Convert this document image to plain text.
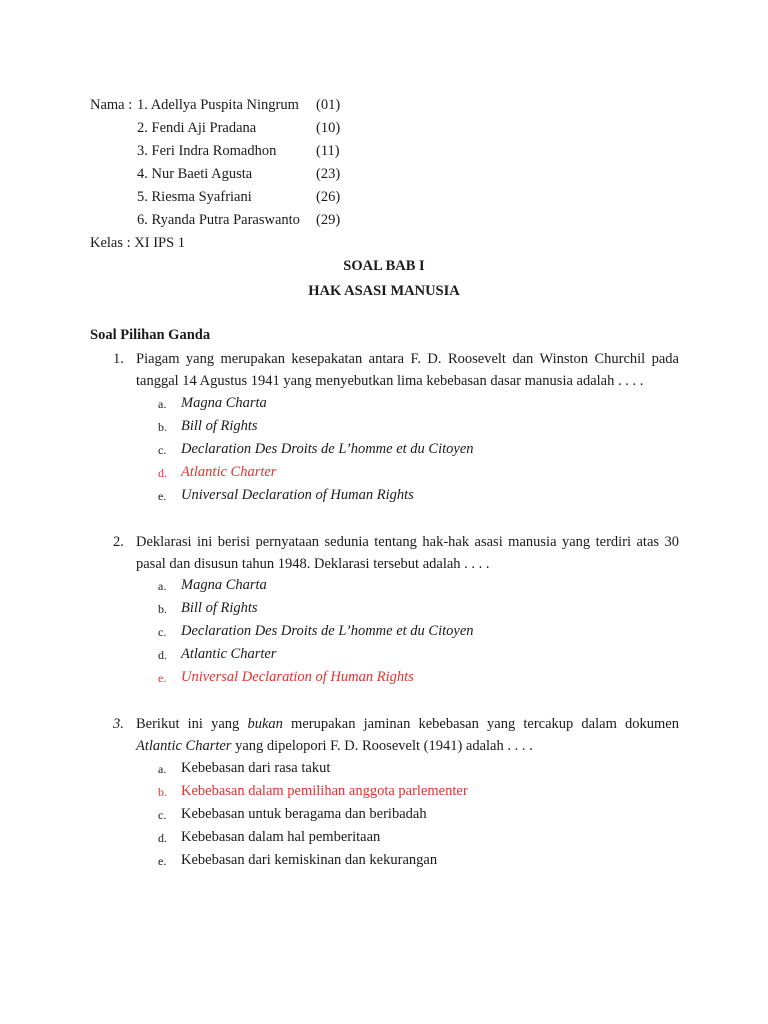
Nama : 1. Adellya Puspita Ningrum (01)
2. Fendi Aji Pradana	(10)
3. Feri Indra Romadhon	(11)
4. Nur Baeti Agusta	(23)
5. Riesma Syafriani	(26)
6. Ryanda Putra Paraswanto (29)
Kelas : XI IPS 1
SOAL BAB I
HAK ASASI MANUSIA
Soal Pilihan Ganda
1. Piagam yang merupakan kesepakatan antara F. D. Roosevelt dan Winston Churchil pada
tanggal 14 Agustus 1941 yang menyebutkan lima kebebasan dasar manusia adalah . . . .
a.	Magna Charta
b. Bill of Rights
c.	Declaration Des Droits de L’homme et du Citoyen
d. Atlantic Charter
e.	Universal Declaration of Human Rights
2. Deklarasi ini berisi pernyataan sedunia tentang hak-hak asasi manusia yang terdiri atas 30
pasal dan disusun tahun 1948. Deklarasi tersebut adalah . . . .
a.	Magna Charta
b. Bill of Rights
c.	Declaration Des Droits de L’homme et du Citoyen
d. Atlantic Charter
e.	Universal Declaration of Human Rights
3. Berikut ini yang bukan merupakan jaminan kebebasan yang tercakup dalam dokumen
Atlantic Charter yang dipelopori F. D. Roosevelt (1941) adalah . . . .
a.	Kebebasan dari rasa takut
b. Kebebasan dalam pemilihan anggota parlementer
c.	Kebebasan untuk beragama dan beribadah
d. Kebebasan dalam hal pemberitaan
e.	Kebebasan dari kemiskinan dan kekurangan
